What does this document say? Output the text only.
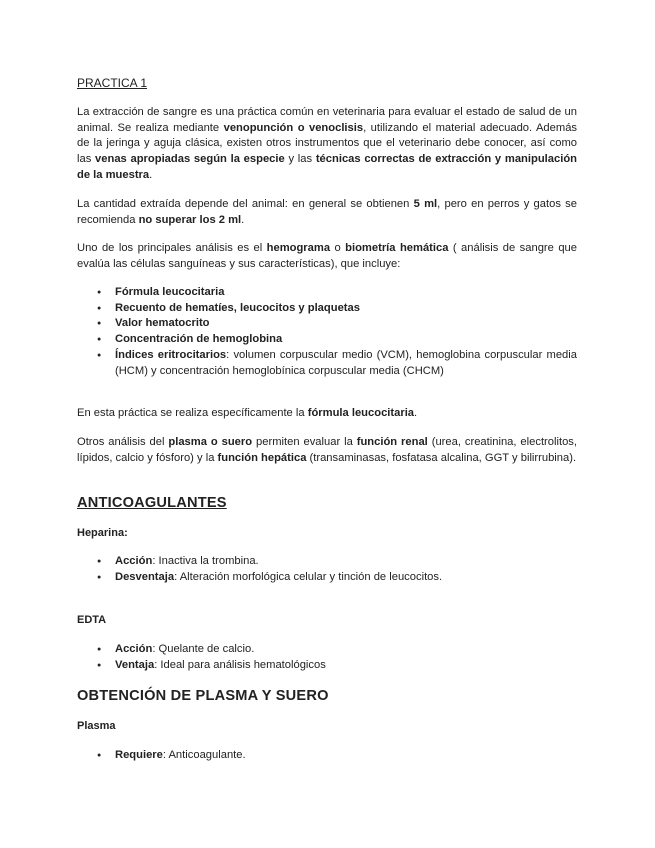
PRACTICA 1

La extracción de sangre es una práctica común en veterinaria para evaluar el estado de salud de un animal. Se realiza mediante venopunción o venoclisis, utilizando el material adecuado. Además de la jeringa y aguja clásica, existen otros instrumentos que el veterinario debe conocer, así como las venas apropiadas según la especie y las técnicas correctas de extracción y manipulación de la muestra.

La cantidad extraída depende del animal: en general se obtienen 5 ml, pero en perros y gatos se recomienda no superar los 2 ml.

Uno de los principales análisis es el hemograma o biometría hemática ( análisis de sangre que evalúa las células sanguíneas y sus características), que incluye:

● Fórmula leucocitaria
● Recuento de hematíes, leucocitos y plaquetas
● Valor hematocrito
● Concentración de hemoglobina
● Índices eritrocitarios: volumen corpuscular medio (VCM), hemoglobina corpuscular media (HCM) y concentración hemoglobínica corpuscular media (CHCM)

En esta práctica se realiza específicamente la fórmula leucocitaria.

Otros análisis del plasma o suero permiten evaluar la función renal (urea, creatinina, electrolitos, lípidos, calcio y fósforo) y la función hepática (transaminasas, fosfatasa alcalina, GGT y bilirrubina).

ANTICOAGULANTES
Heparina:
● Acción: Inactiva la trombina.
● Desventaja: Alteración morfológica celular y tinción de leucocitos.
EDTA
● Acción: Quelante de calcio.
● Ventaja: Ideal para análisis hematológicos
OBTENCIÓN DE PLASMA Y SUERO
Plasma
● Requiere: Anticoagulante.
